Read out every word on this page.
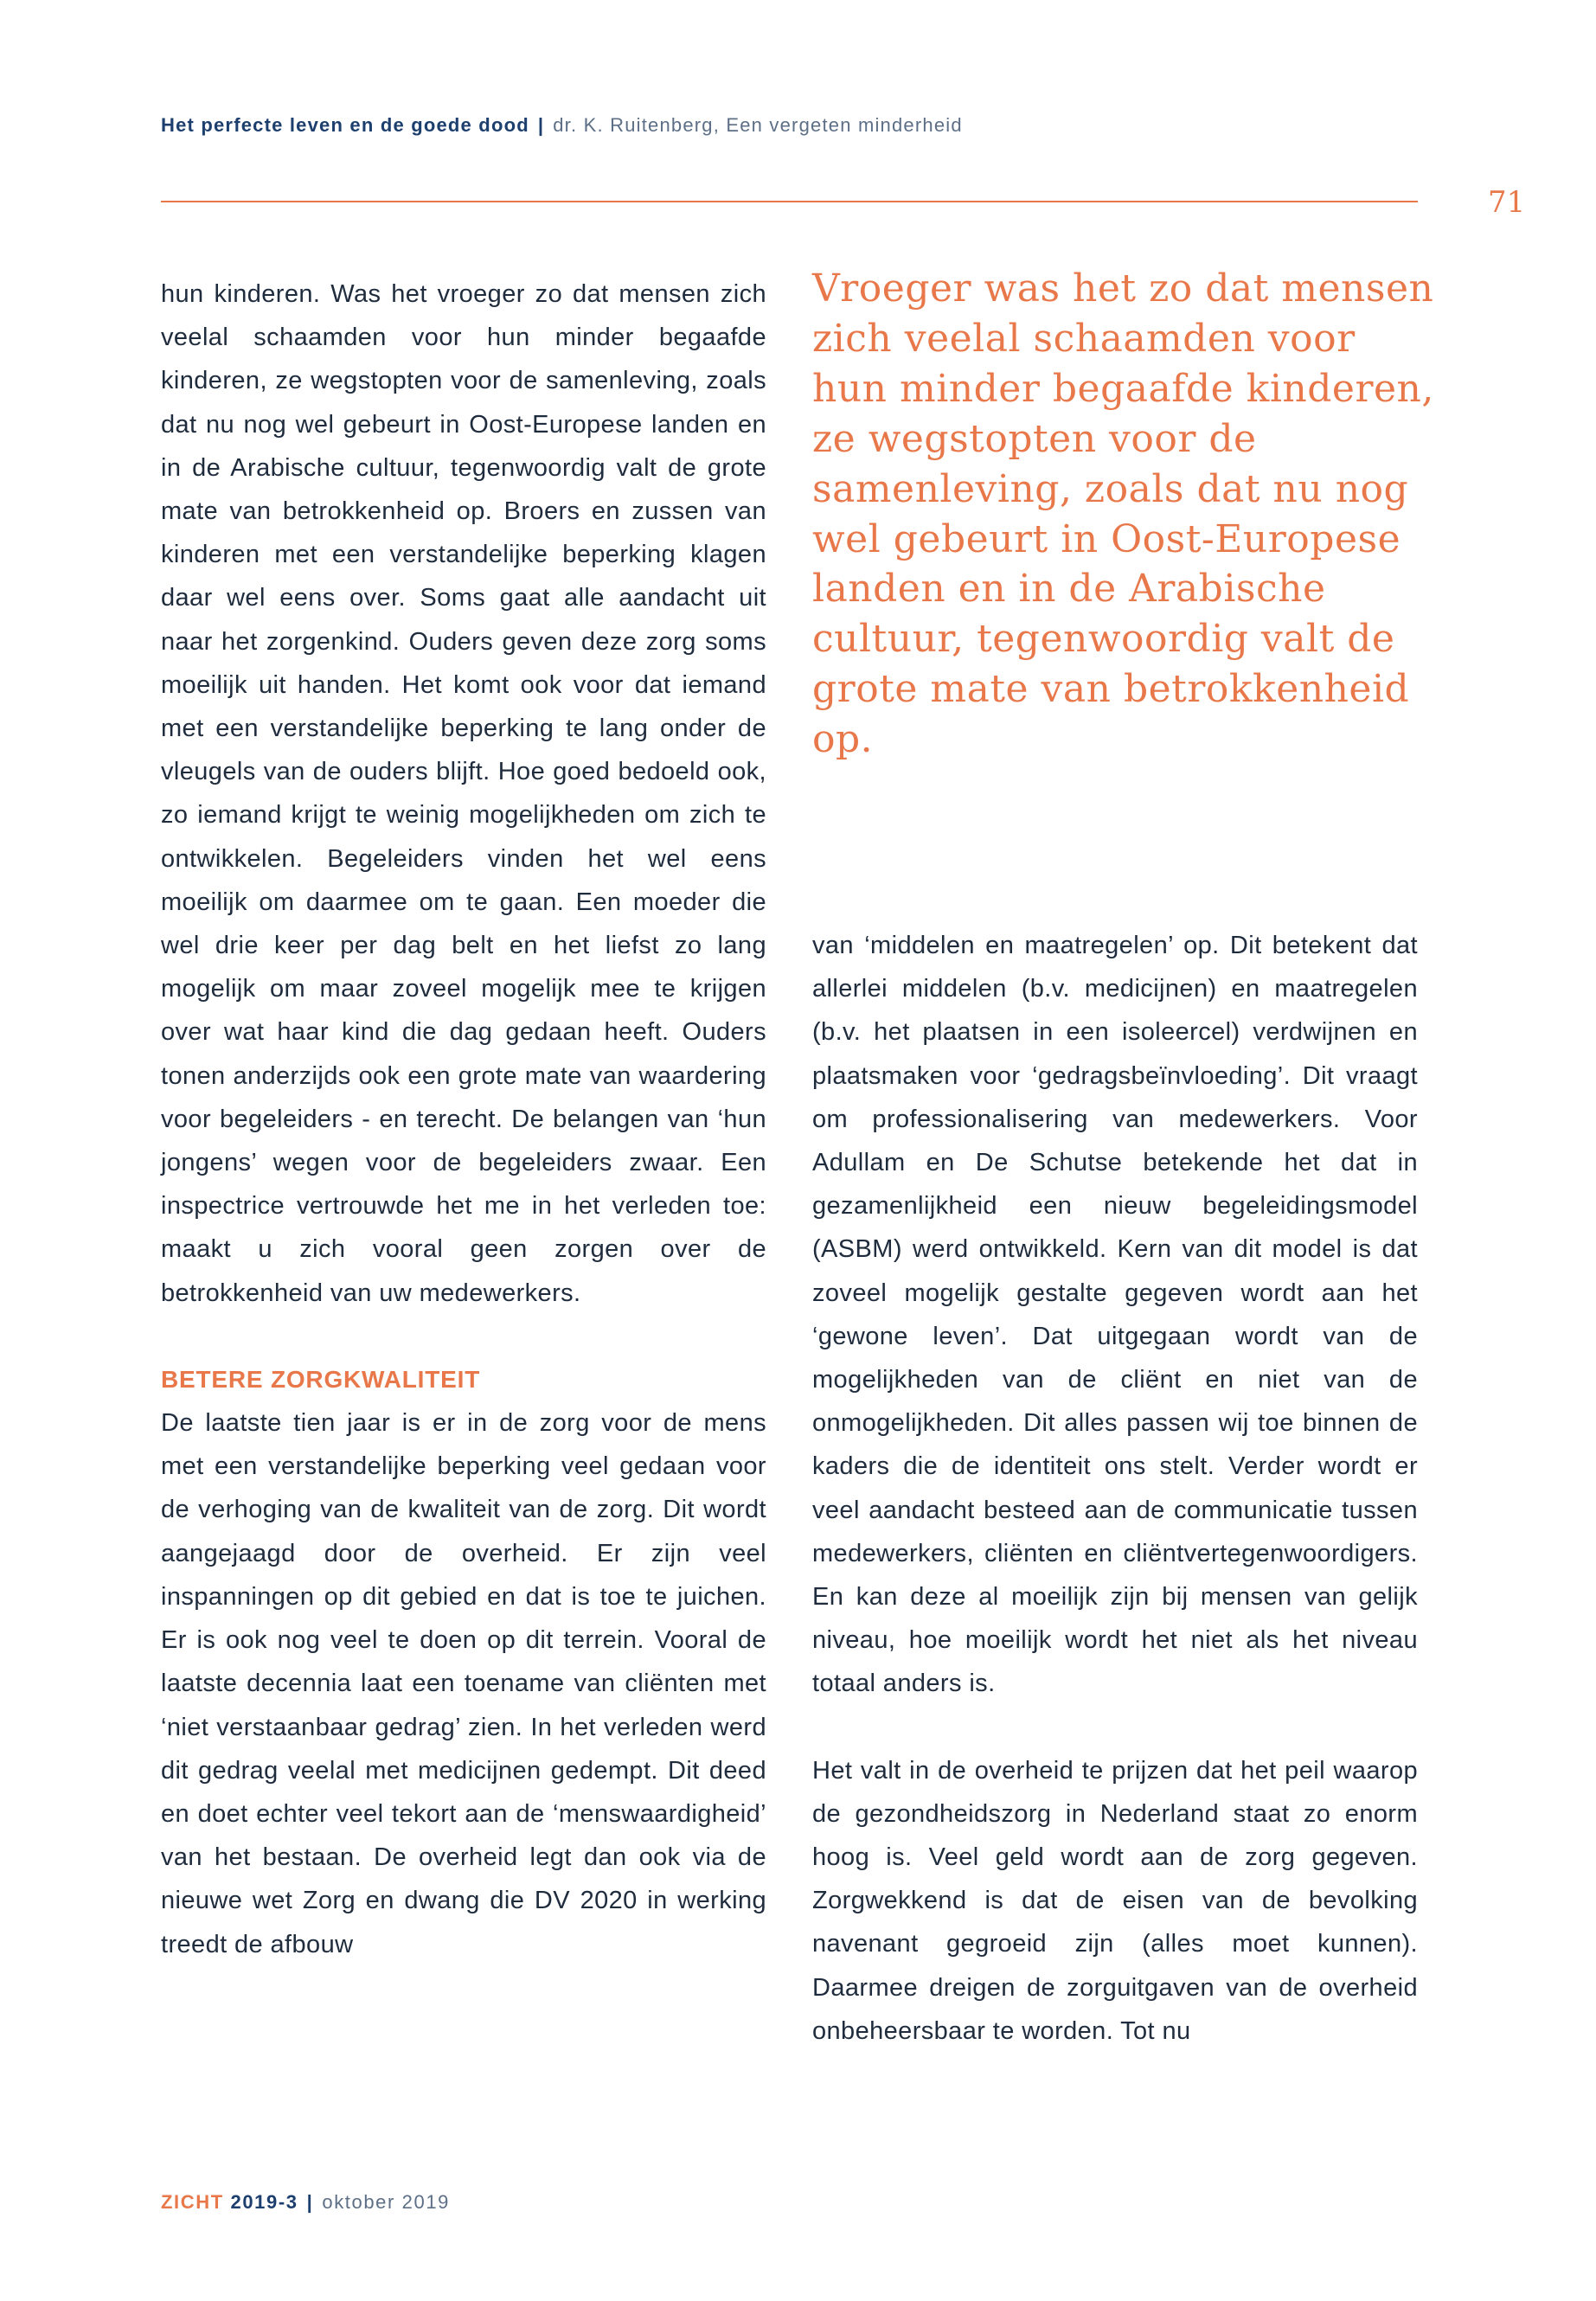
Het perfecte leven en de goede dood | dr. K. Ruitenberg, Een vergeten minderheid
71

hun kinderen. Was het vroeger zo dat mensen zich veelal schaamden voor hun minder begaafde kinderen, ze wegstopten voor de samenleving, zoals dat nu nog wel gebeurt in Oost-Europese landen en in de Arabische cultuur, tegenwoordig valt de grote mate van betrokkenheid op. Broers en zussen van kinderen met een verstandelijke beperking klagen daar wel eens over. Soms gaat alle aandacht uit naar het zorgenkind. Ouders geven deze zorg soms moeilijk uit handen. Het komt ook voor dat iemand met een verstandelijke beperking te lang onder de vleugels van de ouders blijft. Hoe goed bedoeld ook, zo iemand krijgt te weinig mogelijkheden om zich te ontwikkelen. Begeleiders vinden het wel eens moeilijk om daarmee om te gaan. Een moeder die wel drie keer per dag belt en het liefst zo lang mogelijk om maar zoveel mogelijk mee te krijgen over wat haar kind die dag gedaan heeft. Ouders tonen anderzijds ook een grote mate van waardering voor begeleiders - en terecht. De belangen van ‘hun jongens’ wegen voor de begeleiders zwaar. Een inspectrice vertrouwde het me in het verleden toe: maakt u zich vooral geen zorgen over de betrokkenheid van uw medewerkers.

BETERE ZORGKWALITEIT

De laatste tien jaar is er in de zorg voor de mens met een verstandelijke beperking veel gedaan voor de verhoging van de kwaliteit van de zorg. Dit wordt aangejaagd door de overheid. Er zijn veel inspanningen op dit gebied en dat is toe te juichen. Er is ook nog veel te doen op dit terrein. Vooral de laatste decennia laat een toename van cliënten met ‘niet verstaanbaar gedrag’ zien. In het verleden werd dit gedrag veelal met medicijnen gedempt. Dit deed en doet echter veel tekort aan de ‘menswaardigheid’ van het bestaan. De overheid legt dan ook via de nieuwe wet Zorg en dwang die DV 2020 in werking treedt de afbouw

Vroeger was het zo dat mensen zich veelal schaamden voor hun minder begaafde kinderen, ze wegstopten voor de samenleving, zoals dat nu nog wel gebeurt in Oost-Europese landen en in de Arabische cultuur, tegenwoordig valt de grote mate van betrokkenheid op.

van ‘middelen en maatregelen’ op. Dit betekent dat allerlei middelen (b.v. medicijnen) en maatregelen (b.v. het plaatsen in een isoleercel) verdwijnen en plaatsmaken voor ‘gedragsbeïnvloeding’. Dit vraagt om professionalisering van medewerkers. Voor Adullam en De Schutse betekende het dat in gezamenlijkheid een nieuw begeleidingsmodel (ASBM) werd ontwikkeld. Kern van dit model is dat zoveel mogelijk gestalte gegeven wordt aan het ‘gewone leven’. Dat uitgegaan wordt van de mogelijkheden van de cliënt en niet van de onmogelijkheden. Dit alles passen wij toe binnen de kaders die de identiteit ons stelt. Verder wordt er veel aandacht besteed aan de communicatie tussen medewerkers, cliënten en cliëntvertegenwoordigers. En kan deze al moeilijk zijn bij mensen van gelijk niveau, hoe moeilijk wordt het niet als het niveau totaal anders is.

Het valt in de overheid te prijzen dat het peil waarop de gezondheidszorg in Nederland staat zo enorm hoog is. Veel geld wordt aan de zorg gegeven. Zorgwekkend is dat de eisen van de bevolking navenant gegroeid zijn (alles moet kunnen). Daarmee dreigen de zorguitgaven van de overheid onbeheersbaar te worden. Tot nu

ZICHT 2019-3 | oktober 2019
